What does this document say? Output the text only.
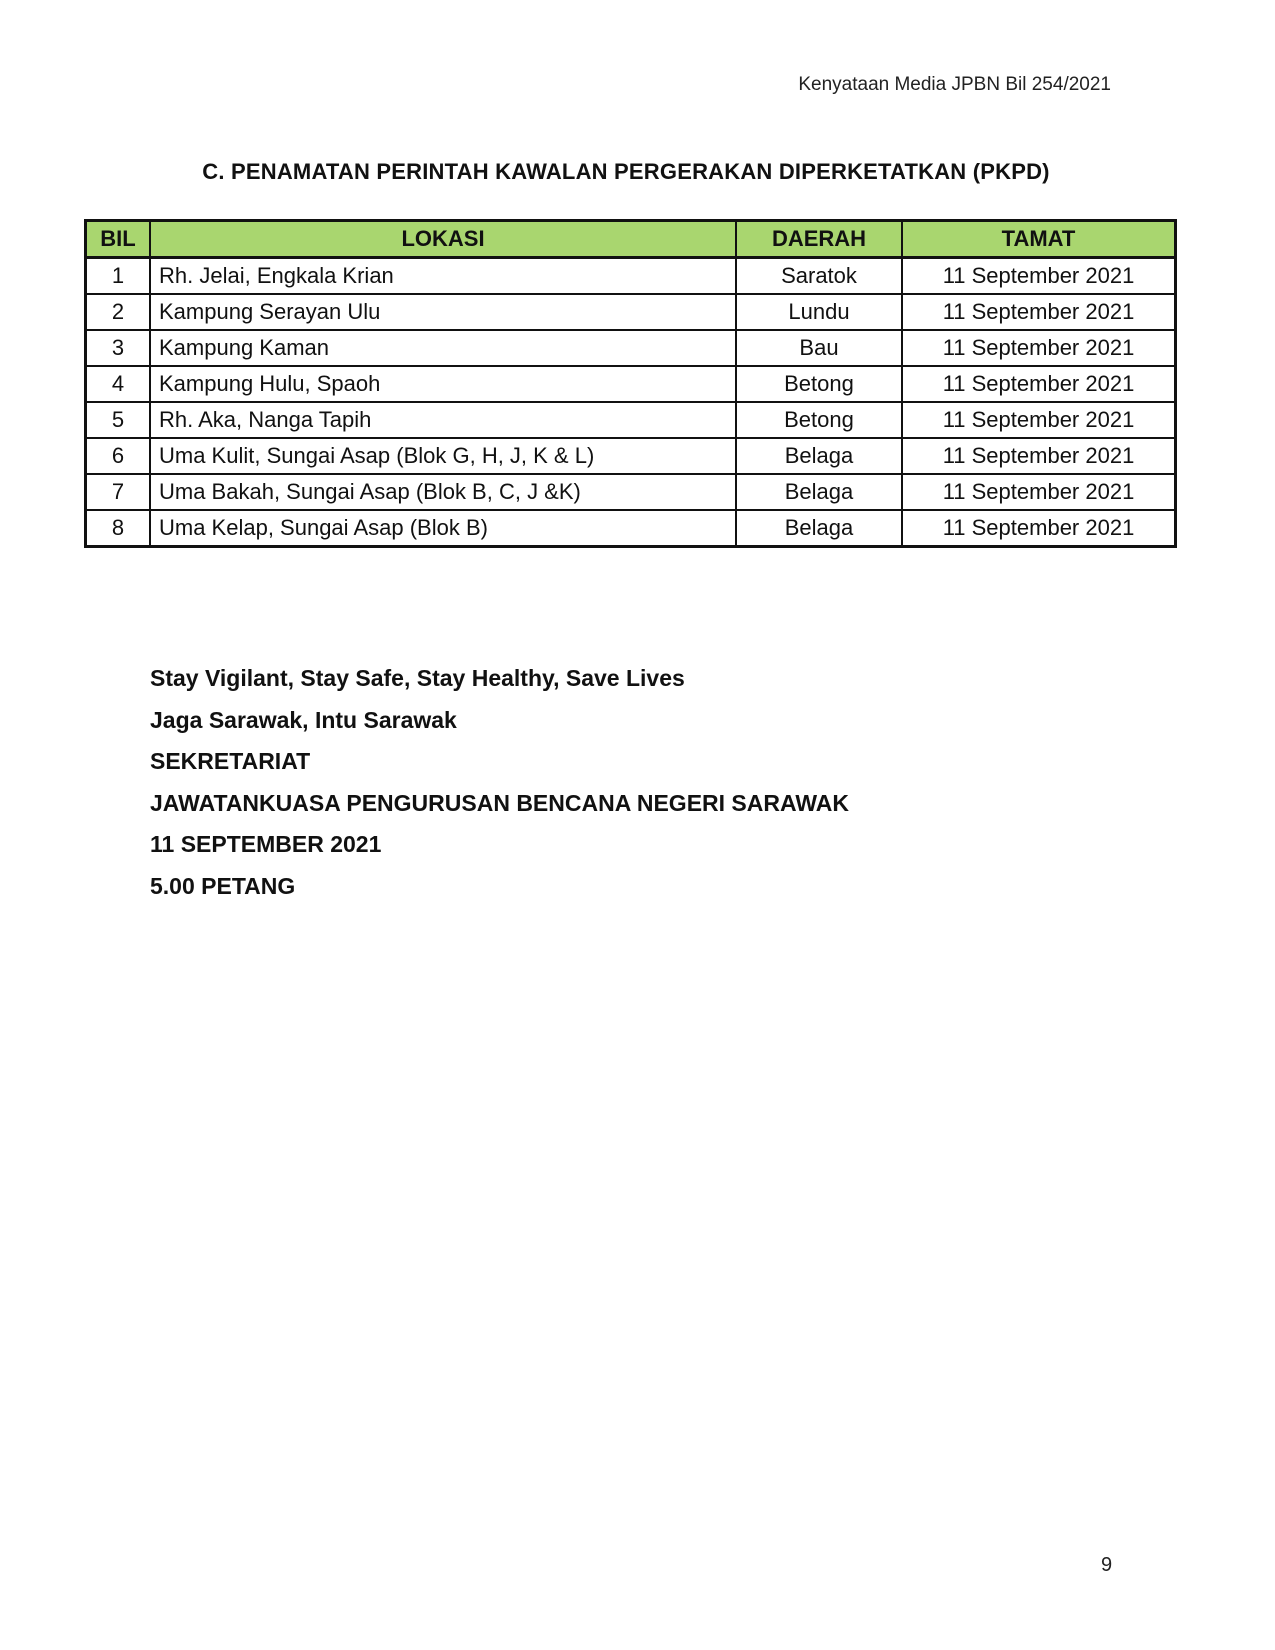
Kenyataan Media JPBN Bil 254/2021
C. PENAMATAN PERINTAH KAWALAN PERGERAKAN DIPERKETATKAN (PKPD)
BIL	LOKASI	DAERAH	TAMAT
1	Rh. Jelai, Engkala Krian	Saratok	11 September 2021
2	Kampung Serayan Ulu	Lundu	11 September 2021
3	Kampung Kaman	Bau	11 September 2021
4	Kampung Hulu, Spaoh	Betong	11 September 2021
5	Rh. Aka, Nanga Tapih	Betong	11 September 2021
6	Uma Kulit, Sungai Asap (Blok G, H, J, K & L)	Belaga	11 September 2021
7	Uma Bakah, Sungai Asap (Blok B, C, J &K)	Belaga	11 September 2021
8	Uma Kelap, Sungai Asap (Blok B)	Belaga	11 September 2021
Stay Vigilant, Stay Safe, Stay Healthy, Save Lives
Jaga Sarawak, Intu Sarawak
SEKRETARIAT
JAWATANKUASA PENGURUSAN BENCANA NEGERI SARAWAK
11 SEPTEMBER 2021
5.00 PETANG
9
